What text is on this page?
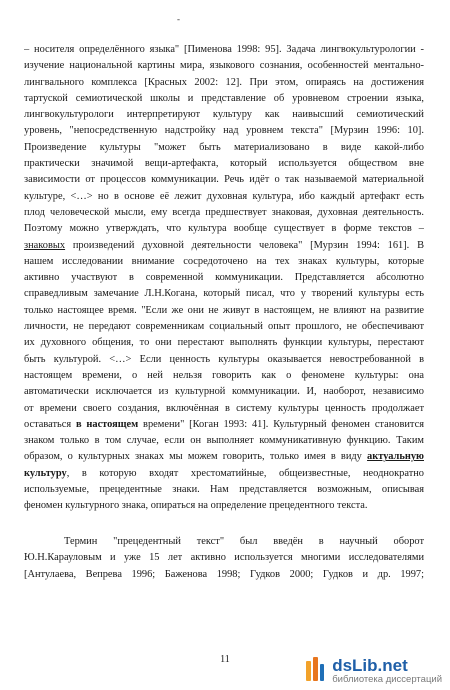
-
– носителя определённого языка" [Пименова 1998: 95]. Задача лингвокультурологии -
изучение национальной картины мира, языкового сознания, особенностей ментально-
лингвального комплекса [Красных 2002: 12]. При этом, опираясь на достижения
тартуской семиотической школы и представление об уровневом строении языка,
лингвокультурологи интерпретируют культуру как наивысший семиотический
уровень, "непосредственную надстройку над уровнем текста" [Мурзин 1996: 10].
Произведение культуры "может быть материализовано в виде какой-либо
практически значимой вещи-артефакта, который используется обществом вне
зависимости от процессов коммуникации. Речь идёт о так называемой материальной
культуре, <…> но в основе её лежит духовная культура, ибо каждый артефакт есть
плод человеческой мысли, ему всегда предшествует знаковая, духовная деятельность.
Поэтому можно утверждать, что культура вообще существует в форме текстов –
знаковых произведений духовной деятельности человека" [Мурзин 1994: 161]. В
нашем исследовании внимание сосредоточено на тех знаках культуры, которые
активно участвуют в современной коммуникации. Представляется абсолютно
справедливым замечание Л.Н.Когана, который писал, что у творений культуры есть
только настоящее время. "Если же они не живут в настоящем, не влияют на развитие
личности, не передают современникам социальный опыт прошлого, не обеспечивают
их духовного общения, то они перестают выполнять функции культуры, перестают
быть культурой. <…> Если ценность культуры оказывается невостребованной в
настоящем времени, о ней нельзя говорить как о феномене культуры: она
автоматически исключается из культурной коммуникации. И, наоборот, независимо
от времени своего создания, включённая в систему культуры ценность продолжает
оставаться в настоящем времени" [Коган 1993: 41]. Культурный феномен становится
знаком только в том случае, если он выполняет коммуникативную функцию. Таким
образом, о культурных знаках мы можем говорить, только имея в виду актуальную
культуру, в которую входят хрестоматийные, общеизвестные, неоднократно
используемые, прецедентные знаки. Нам представляется возможным, описывая
феномен культурного знака, опираться на определение прецедентного текста.
Термин "прецедентный текст" был введён в научный оборот
Ю.Н.Карауловым и уже 15 лет активно используется многими исследователями
[Антулаева, Вепрева 1996; Баженова 1998; Гудков 2000; Гудков и др. 1997;
11	dsLib.net
библиотека диссертаций
